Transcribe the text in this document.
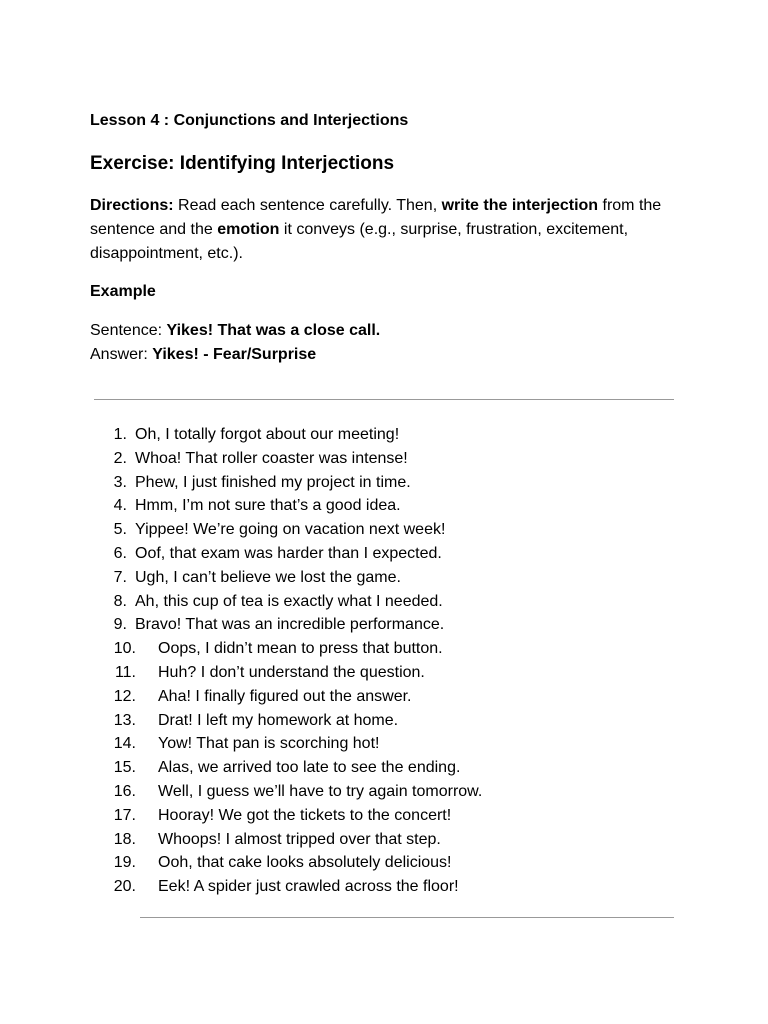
Lesson 4 : Conjunctions and Interjections
Exercise: Identifying Interjections
Directions: Read each sentence carefully. Then, write the interjection from the sentence and the emotion it conveys (e.g., surprise, frustration, excitement, disappointment, etc.).
Example
Sentence: Yikes! That was a close call.
Answer: Yikes! - Fear/Surprise
1. Oh, I totally forgot about our meeting!
2. Whoa! That roller coaster was intense!
3. Phew, I just finished my project in time.
4. Hmm, I’m not sure that’s a good idea.
5. Yippee! We’re going on vacation next week!
6. Oof, that exam was harder than I expected.
7. Ugh, I can’t believe we lost the game.
8. Ah, this cup of tea is exactly what I needed.
9. Bravo! That was an incredible performance.
10. Oops, I didn’t mean to press that button.
11. Huh? I don’t understand the question.
12. Aha! I finally figured out the answer.
13. Drat! I left my homework at home.
14. Yow! That pan is scorching hot!
15. Alas, we arrived too late to see the ending.
16. Well, I guess we’ll have to try again tomorrow.
17. Hooray! We got the tickets to the concert!
18. Whoops! I almost tripped over that step.
19. Ooh, that cake looks absolutely delicious!
20. Eek! A spider just crawled across the floor!
